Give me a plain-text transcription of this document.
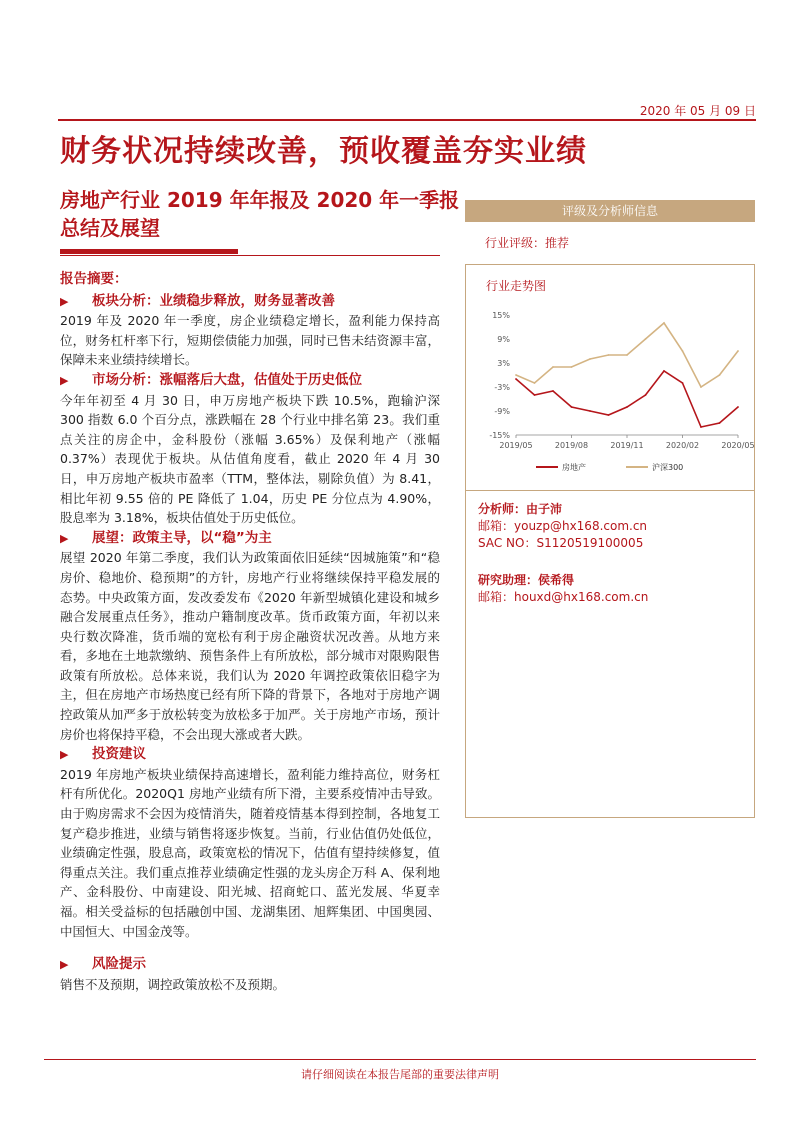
2020 年 05 月 09 日
财务状况持续改善，预收覆盖夯实业绩
房地产行业 2019 年年报及 2020 年一季报总结及展望
报告摘要：
▶	板块分析：业绩稳步释放，财务显著改善
2019 年及 2020 年一季度，房企业绩稳定增长，盈利能力保持高位，财务杠杆率下行，短期偿债能力加强，同时已售未结资源丰富，保障未来业绩持续增长。
▶	市场分析：涨幅落后大盘，估值处于历史低位
今年年初至 4 月 30 日，申万房地产板块下跌 10.5%，跑输沪深 300 指数 6.0 个百分点，涨跌幅在 28 个行业中排名第 23。我们重点关注的房企中，金科股份（涨幅 3.65%）及保利地产（涨幅 0.37%）表现优于板块。从估值角度看，截止 2020 年 4 月 30 日，申万房地产板块市盈率（TTM，整体法，剔除负值）为 8.41，相比年初 9.55 倍的 PE 降低了 1.04，历史 PE 分位点为 4.90%，股息率为 3.18%，板块估值处于历史低位。
▶	展望：政策主导，以“稳”为主
展望 2020 年第二季度，我们认为政策面依旧延续“因城施策”和“稳房价、稳地价、稳预期”的方针，房地产行业将继续保持平稳发展的态势。中央政策方面，发改委发布《2020 年新型城镇化建设和城乡融合发展重点任务》，推动户籍制度改革。货币政策方面，年初以来央行数次降准，货币端的宽松有利于房企融资状况改善。从地方来看，多地在土地款缴纳、预售条件上有所放松，部分城市对限购限售政策有所放松。总体来说，我们认为 2020 年调控政策依旧稳字为主，但在房地产市场热度已经有所下降的背景下，各地对于房地产调控政策从加严多于放松转变为放松多于加严。关于房地产市场，预计房价也将保持平稳，不会出现大涨或者大跌。
▶	投资建议
2019 年房地产板块业绩保持高速增长，盈利能力维持高位，财务杠杆有所优化。2020Q1 房地产业绩有所下滑，主要系疫情冲击导致。由于购房需求不会因为疫情消失，随着疫情基本得到控制，各地复工复产稳步推进，业绩与销售将逐步恢复。当前，行业估值仍处低位，业绩确定性强，股息高，政策宽松的情况下，估值有望持续修复，值得重点关注。我们重点推荐业绩确定性强的龙头房企万科 A、保利地产、金科股份、中南建设、阳光城、招商蛇口、蓝光发展、华夏幸福。相关受益标的包括融创中国、龙湖集团、旭辉集团、中国奥园、中国恒大、中国金茂等。
▶	风险提示
销售不及预期，调控政策放松不及预期。
评级及分析师信息
行业评级：推荐
行业走势图
15%
9%
3%
-3%
-9%
-15%
2019/05	2019/08	2019/11	2020/02	2020/05
房地产	沪深300
分析师：由子沛
邮箱：youzp@hx168.com.cn
SAC NO：S1120519100005
研究助理：侯希得
邮箱：houxd@hx168.com.cn
请仔细阅读在本报告尾部的重要法律声明
